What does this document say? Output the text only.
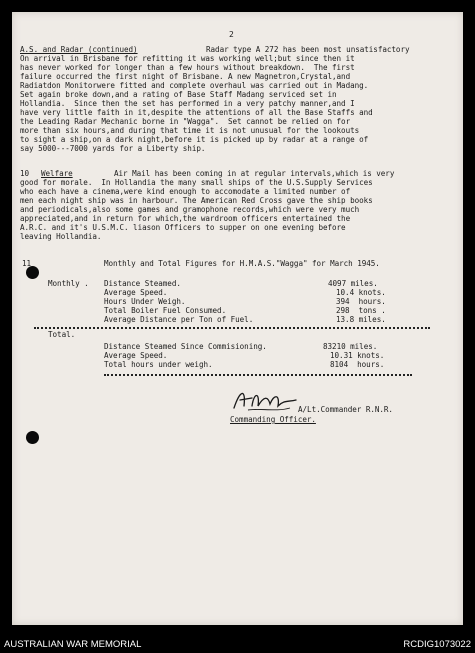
2
A.S. and Radar (continued)	Radar type A 272 has been most unsatisfactory
On arrival in Brisbane for refitting it was working well;but since then it
has never worked for longer than a few hours without breakdown.  The first
failure occurred the first night of Brisbane. A new Magnetron,Crystal,and
Radiatdon Monitorwere fitted and complete overhaul was carried out in Madang.
Set again broke down,and a rating of Base Staff Madang serviced set in
Hollandia.  Since then the set has performed in a very patchy manner,and I
have very little faith in it,despite the attentions of all the Base Staffs and
the Leading Radar Mechanic borne in "Wagga".  Set cannot be relied on for
more than six hours,and during that time it is not unusual for the lookouts
to sight a ship,on a dark night,before it is picked up by radar at a range of
say 5000---7000 yards for a Liberty ship.
10 Welfare	Air Mail has been coming in at regular intervals,which is very
good for morale.  In Hollandia the many small ships of the U.S.Supply Services
who each have a cinema,were kind enough to accomodate a limited number of
men each night ship was in harbour. The American Red Cross gave the ship books
and periodicals,also some games and gramophone records,which were very much
appreciated,and in return for which,the wardroom officers entertained the
A.R.C. and it's U.S.M.C. liason Officers to supper on one evening before
leaving Hollandia.
11	Monthly and Total Figures for H.M.A.S."Wagga" for March 1945.
Monthly . Distance Steamed.	4097 miles.
Average Speed.	10.4 knots.
Hours Under Weigh.	394  hours.
Total Boiler Fuel Consumed.	298  tons .
Average Distance per Ton of Fuel.	13.8 miles.
Total.
Distance Steamed Since Commisioning.	83210 miles.
Average Speed.	10.31 knots.
Total hours under weigh.	8104  hours.
A/Lt.Commander R.N.R.
Commanding Officer.
AUSTRALIAN WAR MEMORIAL	RCDIG1073022
